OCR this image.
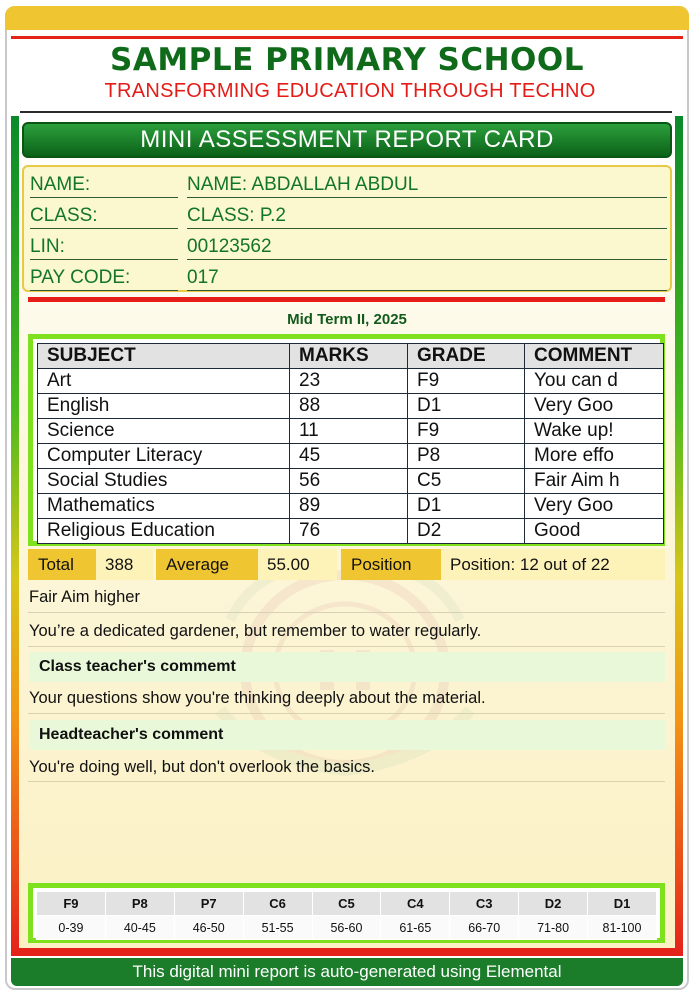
SAMPLE PRIMARY SCHOOL
TRANSFORMING EDUCATION THROUGH TECHNO
MINI ASSESSMENT REPORT CARD
NAME:	NAME: ABDALLAH ABDUL
CLASS:	CLASS: P.2
LIN:	00123562
PAY CODE:	017
Mid Term II, 2025
SUBJECT	MARKS	GRADE	COMMENT
Art	23	F9	You can d
English	88	D1	Very Goo
Science	11	F9	Wake up!
Computer Literacy	45	P8	More effo
Social Studies	56	C5	Fair Aim h
Mathematics	89	D1	Very Goo
Religious Education	76	D2	Good
Total	388	Average	55.00	Position	Position: 12 out of 22
Fair Aim higher
You’re a dedicated gardener, but remember to water regularly.
Class teacher's commemt
Your questions show you're thinking deeply about the material.
Headteacher's comment
You're doing well, but don't overlook the basics.
F9	P8	P7	C6	C5	C4	C3	D2	D1
0-39	40-45	46-50	51-55	56-60	61-65	66-70	71-80	81-100
This digital mini report is auto-generated using Elemental
